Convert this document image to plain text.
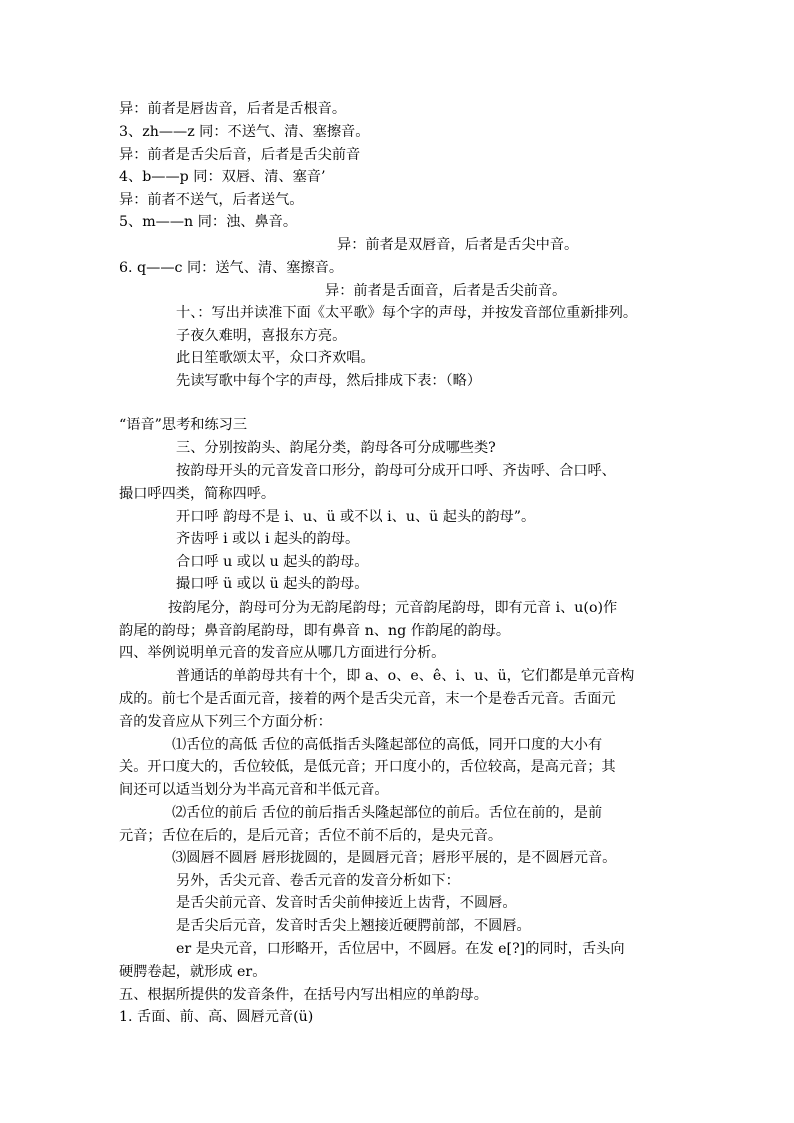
异：前者是唇齿音，后者是舌根音。
3、zh——z 同：不送气、清、塞擦音。
异：前者是舌尖后音，后者是舌尖前音
4、b——p 同：双唇、清、塞音’
异：前者不送气，后者送气。
5、m——n 同：浊、鼻音。
异：前者是双唇音，后者是舌尖中音。
6. q——c 同：送气、清、塞擦音。
异：前者是舌面音，后者是舌尖前音。
十、：写出并读准下面《太平歌》每个字的声母，并按发音部位重新排列。
子夜久难明，喜报东方亮。
此日笙歌颂太平，众口齐欢唱。
先读写歌中每个字的声母，然后排成下表：（略）
“语音”思考和练习三
三、分别按韵头、韵尾分类，韵母各可分成哪些类?
按韵母开头的元音发音口形分，韵母可分成开口呼、齐齿呼、合口呼、
撮口呼四类，简称四呼。
开口呼 韵母不是 i、u、ü 或不以 i、u、ü 起头的韵母”。
齐齿呼 i 或以 i 起头的韵母。
合口呼 u 或以 u 起头的韵母。
撮口呼 ü 或以 ü 起头的韵母。
按韵尾分，韵母可分为无韵尾韵母；元音韵尾韵母，即有元音 i、u(o)作
韵尾的韵母；鼻音韵尾韵母，即有鼻音 n、ng 作韵尾的韵母。
四、举例说明单元音的发音应从哪几方面进行分析。
普通话的单韵母共有十个，即 a、o、e、ê、i、u、ü，它们都是单元音构
成的。前七个是舌面元音，接着的两个是舌尖元音，末一个是卷舌元音。舌面元
音的发音应从下列三个方面分析：
⑴舌位的高低 舌位的高低指舌头隆起部位的高低，同开口度的大小有
关。开口度大的，舌位较低，是低元音；开口度小的，舌位较高，是高元音；其
间还可以适当划分为半高元音和半低元音。
⑵舌位的前后 舌位的前后指舌头隆起部位的前后。舌位在前的，是前
元音；舌位在后的，是后元音；舌位不前不后的，是央元音。
⑶圆唇不圆唇 唇形拢圆的，是圆唇元音；唇形平展的，是不圆唇元音。
另外，舌尖元音、卷舌元音的发音分析如下：
是舌尖前元音、发音时舌尖前伸接近上齿背，不圆唇。
是舌尖后元音，发音时舌尖上翘接近硬腭前部，不圆唇。
er 是央元音，口形略开，舌位居中，不圆唇。在发 e[?]的同时，舌头向
硬腭卷起，就形成 er。
五、根据所提供的发音条件，在括号内写出相应的单韵母。
1. 舌面、前、高、圆唇元音(ü)
